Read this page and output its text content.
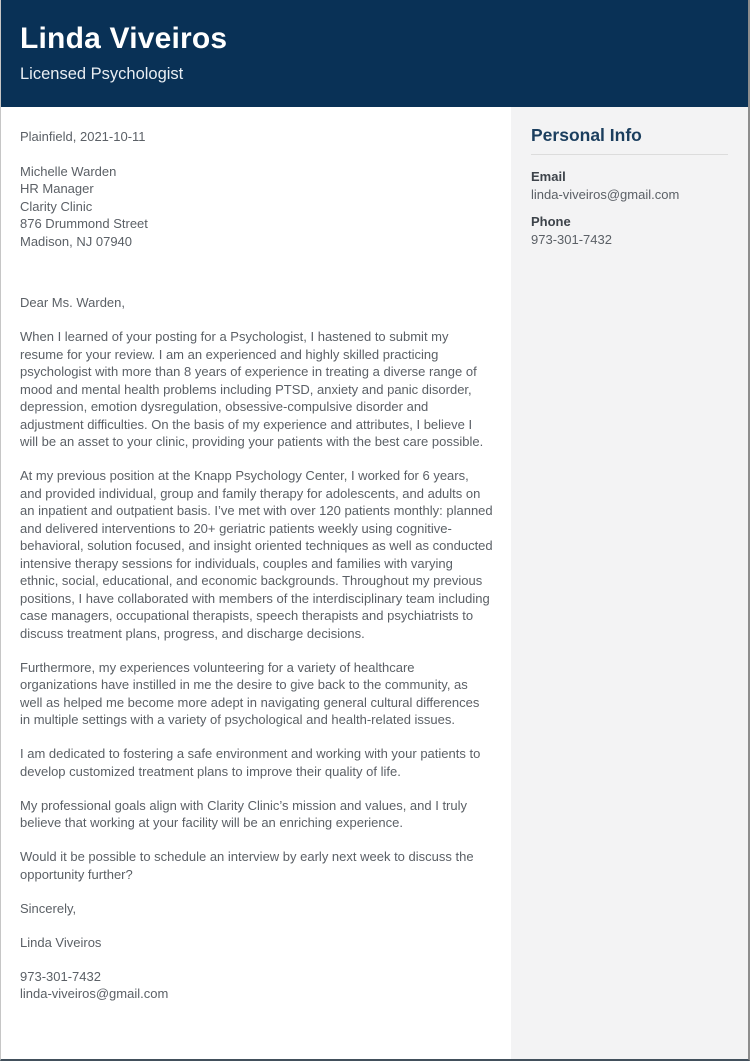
Linda Viveiros
Licensed Psychologist

Plainfield, 2021-10-11

Michelle Warden
HR Manager
Clarity Clinic
876 Drummond Street
Madison, NJ 07940

Dear Ms. Warden,

When I learned of your posting for a Psychologist, I hastened to submit my resume for your review. I am an experienced and highly skilled practicing psychologist with more than 8 years of experience in treating a diverse range of mood and mental health problems including PTSD, anxiety and panic disorder, depression, emotion dysregulation, obsessive-compulsive disorder and adjustment difficulties. On the basis of my experience and attributes, I believe I will be an asset to your clinic, providing your patients with the best care possible.

At my previous position at the Knapp Psychology Center, I worked for 6 years, and provided individual, group and family therapy for adolescents, and adults on an inpatient and outpatient basis. I’ve met with over 120 patients monthly: planned and delivered interventions to 20+ geriatric patients weekly using cognitive-behavioral, solution focused, and insight oriented techniques as well as conducted intensive therapy sessions for individuals, couples and families with varying ethnic, social, educational, and economic backgrounds. Throughout my previous positions, I have collaborated with members of the interdisciplinary team including case managers, occupational therapists, speech therapists and psychiatrists to discuss treatment plans, progress, and discharge decisions.

Furthermore, my experiences volunteering for a variety of healthcare organizations have instilled in me the desire to give back to the community, as well as helped me become more adept in navigating general cultural differences in multiple settings with a variety of psychological and health-related issues.

I am dedicated to fostering a safe environment and working with your patients to develop customized treatment plans to improve their quality of life.

My professional goals align with Clarity Clinic’s mission and values, and I truly believe that working at your facility will be an enriching experience.

Would it be possible to schedule an interview by early next week to discuss the opportunity further?

Sincerely,

Linda Viveiros

973-301-7432
linda-viveiros@gmail.com
Personal Info
Email
linda-viveiros@gmail.com
Phone
973-301-7432
